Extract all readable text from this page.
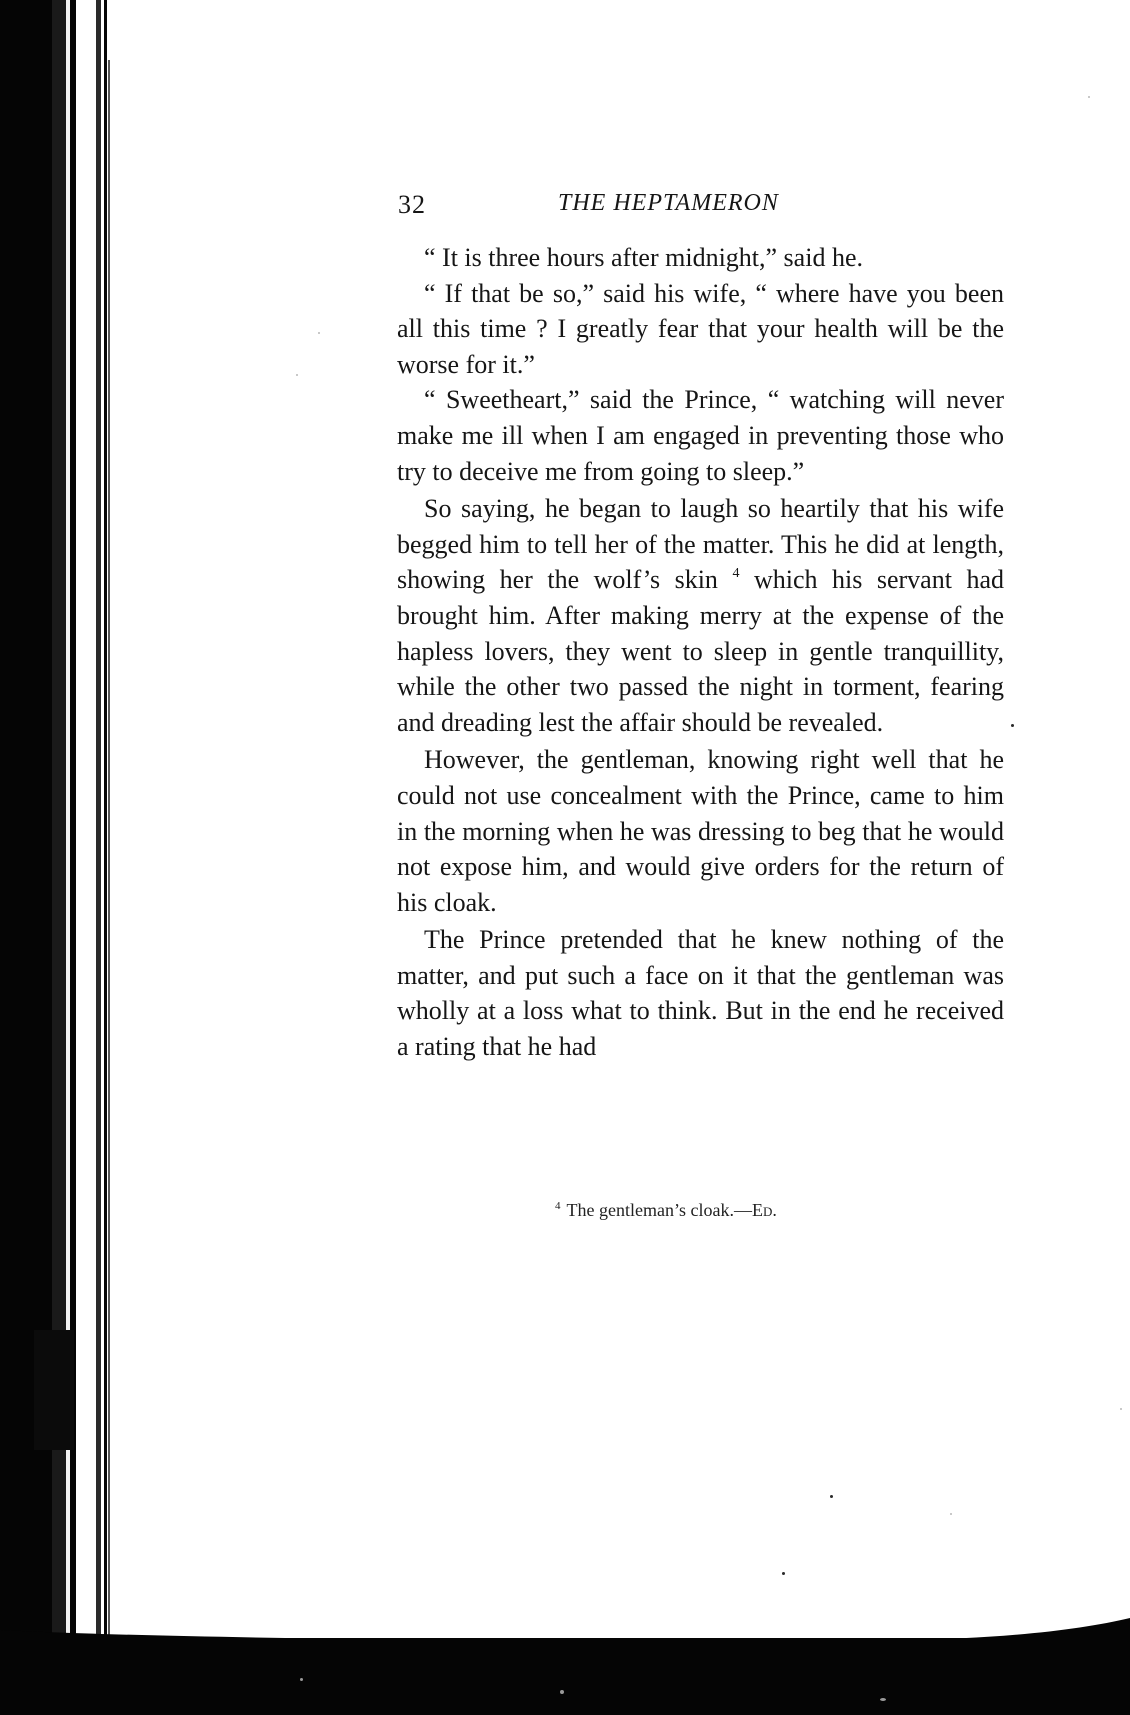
32	THE HEPTAMERON

“ It is three hours after midnight,” said he.

“ If that be so,” said his wife, “ where have you been all this time ? I greatly fear that your health will be the worse for it.”

“ Sweetheart,” said the Prince, “ watching will never make me ill when I am engaged in preventing those who try to deceive me from going to sleep.”

So saying, he began to laugh so heartily that his wife begged him to tell her of the matter. This he did at length, showing her the wolf’s skin $^4$ which his servant had brought him. After making merry at the expense of the hapless lovers, they went to sleep in gentle tranquillity, while the other two passed the night in torment, fearing and dreading lest the affair should be revealed.

However, the gentleman, knowing right well that he could not use concealment with the Prince, came to him in the morning when he was dressing to beg that he would not expose him, and would give orders for the return of his cloak.

The Prince pretended that he knew nothing of the matter, and put such a face on it that the gentleman was wholly at a loss what to think. But in the end he received a rating that he had

$^4$ The gentleman’s cloak.—Ed.
